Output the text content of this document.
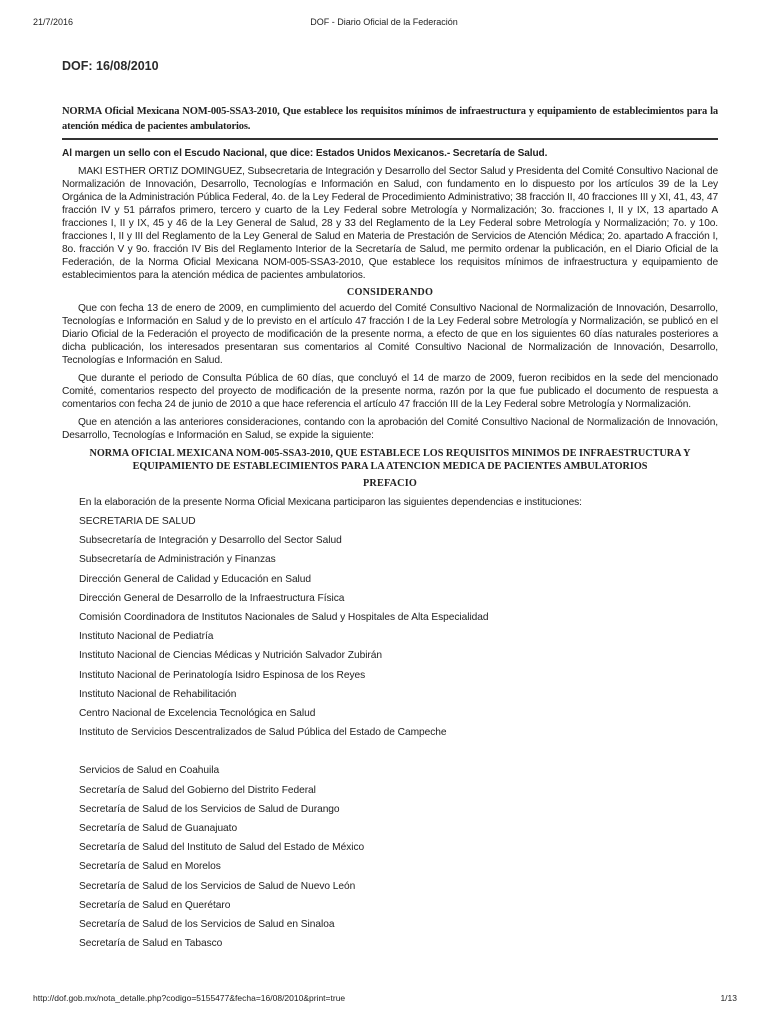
21/7/2016	DOF - Diario Oficial de la Federación
DOF: 16/08/2010
NORMA Oficial Mexicana NOM-005-SSA3-2010, Que establece los requisitos mínimos de infraestructura y equipamiento de establecimientos para la atención médica de pacientes ambulatorios.
Al margen un sello con el Escudo Nacional, que dice: Estados Unidos Mexicanos.- Secretaría de Salud.

MAKI ESTHER ORTIZ DOMINGUEZ, Subsecretaria de Integración y Desarrollo del Sector Salud y Presidenta del Comité Consultivo Nacional de Normalización de Innovación, Desarrollo, Tecnologías e Información en Salud, con fundamento en lo dispuesto por los artículos 39 de la Ley Orgánica de la Administración Pública Federal, 4o. de la Ley Federal de Procedimiento Administrativo; 38 fracción II, 40 fracciones III y XI, 41, 43, 47 fracción IV y 51 párrafos primero, tercero y cuarto de la Ley Federal sobre Metrología y Normalización; 3o. fracciones I, II y IX, 13 apartado A fracciones I, II y IX, 45 y 46 de la Ley General de Salud, 28 y 33 del Reglamento de la Ley Federal sobre Metrología y Normalización; 7o. y 10o. fracciones I, II y III del Reglamento de la Ley General de Salud en Materia de Prestación de Servicios de Atención Médica; 2o. apartado A fracción I, 8o. fracción V y 9o. fracción IV Bis del Reglamento Interior de la Secretaría de Salud, me permito ordenar la publicación, en el Diario Oficial de la Federación, de la Norma Oficial Mexicana NOM-005-SSA3-2010, Que establece los requisitos mínimos de infraestructura y equipamiento de establecimientos para la atención médica de pacientes ambulatorios.

CONSIDERANDO

Que con fecha 13 de enero de 2009, en cumplimiento del acuerdo del Comité Consultivo Nacional de Normalización de Innovación, Desarrollo, Tecnologías e Información en Salud y de lo previsto en el artículo 47 fracción I de la Ley Federal sobre Metrología y Normalización, se publicó en el Diario Oficial de la Federación el proyecto de modificación de la presente norma, a efecto de que en los siguientes 60 días naturales posteriores a dicha publicación, los interesados presentaran sus comentarios al Comité Consultivo Nacional de Normalización de Innovación, Desarrollo, Tecnologías e Información en Salud.

Que durante el periodo de Consulta Pública de 60 días, que concluyó el 14 de marzo de 2009, fueron recibidos en la sede del mencionado Comité, comentarios respecto del proyecto de modificación de la presente norma, razón por la que fue publicado el documento de respuesta a comentarios con fecha 24 de junio de 2010 a que hace referencia el artículo 47 fracción III de la Ley Federal sobre Metrología y Normalización.

Que en atención a las anteriores consideraciones, contando con la aprobación del Comité Consultivo Nacional de Normalización de Innovación, Desarrollo, Tecnologías e Información en Salud, se expide la siguiente:

NORMA OFICIAL MEXICANA NOM-005-SSA3-2010, QUE ESTABLECE LOS REQUISITOS MINIMOS DE INFRAESTRUCTURA Y EQUIPAMIENTO DE ESTABLECIMIENTOS PARA LA ATENCION MEDICA DE PACIENTES AMBULATORIOS
PREFACIO
En la elaboración de la presente Norma Oficial Mexicana participaron las siguientes dependencias e instituciones:
SECRETARIA DE SALUD
Subsecretaría de Integración y Desarrollo del Sector Salud
Subsecretaría de Administración y Finanzas
Dirección General de Calidad y Educación en Salud
Dirección General de Desarrollo de la Infraestructura Física
Comisión Coordinadora de Institutos Nacionales de Salud y Hospitales de Alta Especialidad
Instituto Nacional de Pediatría
Instituto Nacional de Ciencias Médicas y Nutrición Salvador Zubirán
Instituto Nacional de Perinatología Isidro Espinosa de los Reyes
Instituto Nacional de Rehabilitación
Centro Nacional de Excelencia Tecnológica en Salud
Instituto de Servicios Descentralizados de Salud Pública del Estado de Campeche
Servicios de Salud en Coahuila
Secretaría de Salud del Gobierno del Distrito Federal
Secretaría de Salud de los Servicios de Salud de Durango
Secretaría de Salud de Guanajuato
Secretaría de Salud del Instituto de Salud del Estado de México
Secretaría de Salud en Morelos
Secretaría de Salud de los Servicios de Salud de Nuevo León
Secretaría de Salud en Querétaro
Secretaría de Salud de los Servicios de Salud en Sinaloa
Secretaría de Salud en Tabasco
http://dof.gob.mx/nota_detalle.php?codigo=5155477&fecha=16/08/2010&print=true	1/13
